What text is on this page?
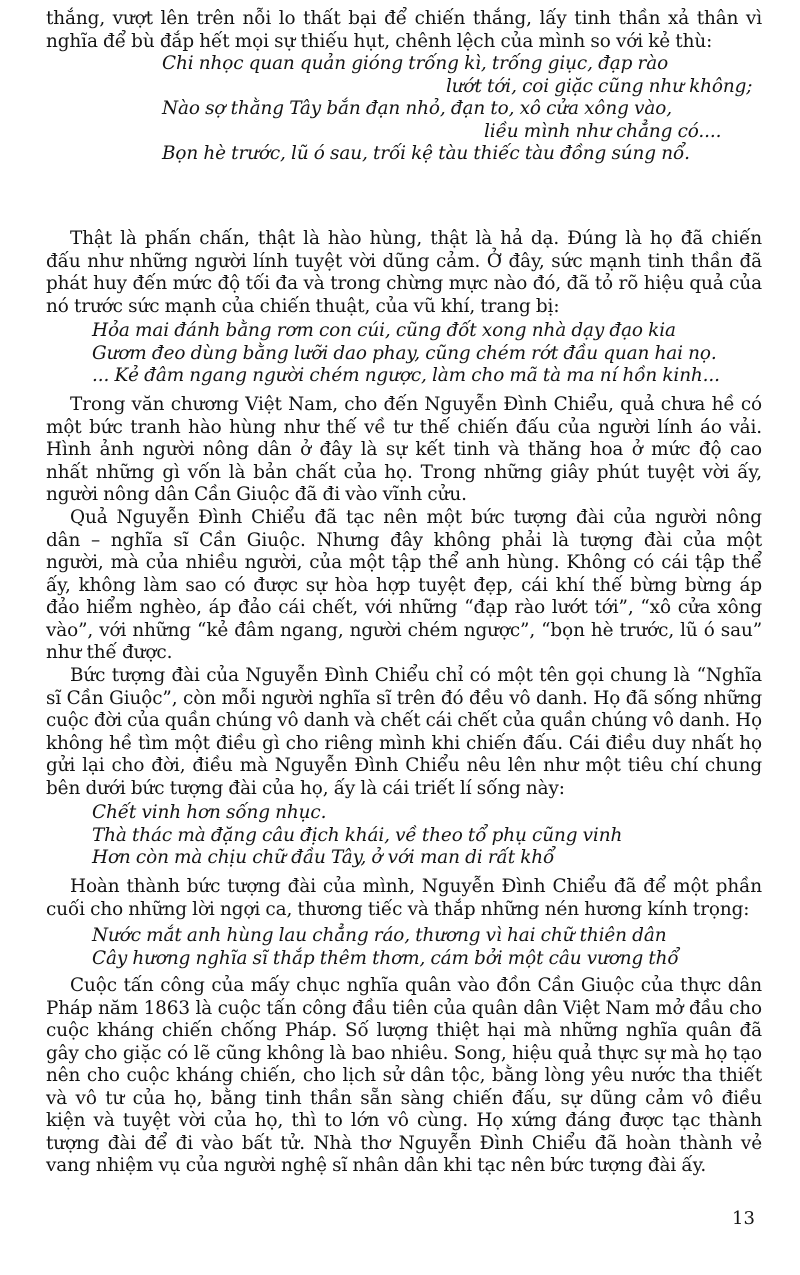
thắng, vượt lên trên nỗi lo thất bại để chiến thắng, lấy tinh thần xả thân vì
nghĩa để bù đắp hết mọi sự thiếu hụt, chênh lệch của mình so với kẻ thù:
Chi nhọc quan quản gióng trống kì, trống giục, đạp rào
lướt tới, coi giặc cũng như không;
Nào sợ thằng Tây bắn đạn nhỏ, đạn to, xô cửa xông vào,
liều mình như chẳng có....
Bọn hè trước, lũ ó sau, trối kệ tàu thiếc tàu đồng súng nổ.
Thật là phấn chấn, thật là hào hùng, thật là hả dạ. Đúng là họ đã chiến
đấu như những người lính tuyệt vời dũng cảm. Ở đây, sức mạnh tinh thần đã
phát huy đến mức độ tối đa và trong chừng mực nào đó, đã tỏ rõ hiệu quả của
nó trước sức mạnh của chiến thuật, của vũ khí, trang bị:
Hỏa mai đánh bằng rơm con cúi, cũng đốt xong nhà dạy đạo kia
Gươm đeo dùng bằng lưỡi dao phay, cũng chém rớt đầu quan hai nọ.
... Kẻ đâm ngang người chém ngược, làm cho mã tà ma ní hồn kinh...
Trong văn chương Việt Nam, cho đến Nguyễn Đình Chiểu, quả chưa hề có
một bức tranh hào hùng như thế về tư thế chiến đấu của người lính áo vải.
Hình ảnh người nông dân ở đây là sự kết tinh và thăng hoa ở mức độ cao
nhất những gì vốn là bản chất của họ. Trong những giây phút tuyệt vời ấy,
người nông dân Cần Giuộc đã đi vào vĩnh cửu.
Quả Nguyễn Đình Chiểu đã tạc nên một bức tượng đài của người nông
dân – nghĩa sĩ Cần Giuộc. Nhưng đây không phải là tượng đài của một
người, mà của nhiều người, của một tập thể anh hùng. Không có cái tập thể
ấy, không làm sao có được sự hòa hợp tuyệt đẹp, cái khí thế bừng bừng áp
đảo hiểm nghèo, áp đảo cái chết, với những “đạp rào lướt tới”, “xô cửa xông
vào”, với những “kẻ đâm ngang, người chém ngược”, “bọn hè trước, lũ ó sau”
như thế được.
Bức tượng đài của Nguyễn Đình Chiểu chỉ có một tên gọi chung là “Nghĩa
sĩ Cần Giuộc”, còn mỗi người nghĩa sĩ trên đó đều vô danh. Họ đã sống những
cuộc đời của quần chúng vô danh và chết cái chết của quần chúng vô danh. Họ
không hề tìm một điều gì cho riêng mình khi chiến đấu. Cái điều duy nhất họ
gửi lại cho đời, điều mà Nguyễn Đình Chiểu nêu lên như một tiêu chí chung
bên dưới bức tượng đài của họ, ấy là cái triết lí sống này:
Chết vinh hơn sống nhục.
Thà thác mà đặng câu địch khái, về theo tổ phụ cũng vinh
Hơn còn mà chịu chữ đầu Tây, ở với man di rất khổ
Hoàn thành bức tượng đài của mình, Nguyễn Đình Chiểu đã để một phần
cuối cho những lời ngợi ca, thương tiếc và thắp những nén hương kính trọng:
Nước mắt anh hùng lau chẳng ráo, thương vì hai chữ thiên dân
Cây hương nghĩa sĩ thắp thêm thơm, cám bởi một câu vương thổ
Cuộc tấn công của mấy chục nghĩa quân vào đồn Cần Giuộc của thực dân
Pháp năm 1863 là cuộc tấn công đầu tiên của quân dân Việt Nam mở đầu cho
cuộc kháng chiến chống Pháp. Số lượng thiệt hại mà những nghĩa quân đã
gây cho giặc có lẽ cũng không là bao nhiêu. Song, hiệu quả thực sự mà họ tạo
nên cho cuộc kháng chiến, cho lịch sử dân tộc, bằng lòng yêu nước tha thiết
và vô tư của họ, bằng tinh thần sẵn sàng chiến đấu, sự dũng cảm vô điều
kiện và tuyệt vời của họ, thì to lớn vô cùng. Họ xứng đáng được tạc thành
tượng đài để đi vào bất tử. Nhà thơ Nguyễn Đình Chiểu đã hoàn thành vẻ
vang nhiệm vụ của người nghệ sĩ nhân dân khi tạc nên bức tượng đài ấy.
13
